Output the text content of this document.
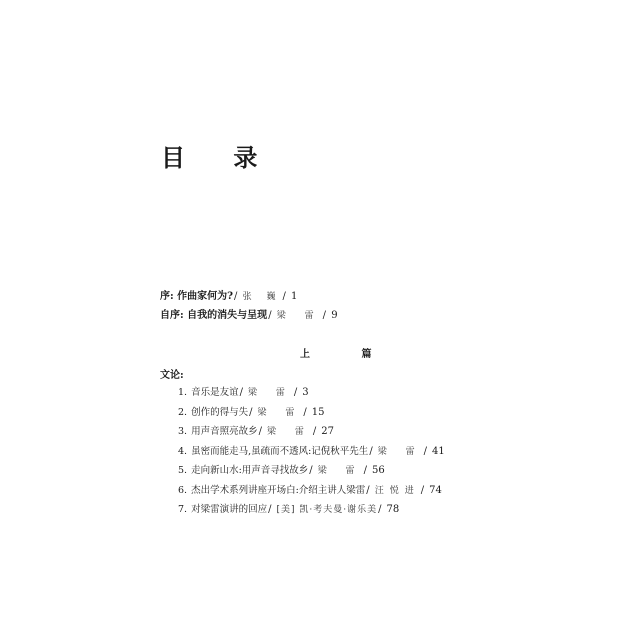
目 录
序: 作曲家何为?/ 张 巍/ 1
自序: 自我的消失与呈现/ 梁 雷/ 9
上 篇
文论:
1. 音乐是友谊/ 梁 雷/ 3
2. 创作的得与失/ 梁 雷/ 15
3. 用声音照亮故乡/ 梁 雷/ 27
4. 虽密而能走马,虽疏而不透风:记倪秋平先生/ 梁 雷/ 41
5. 走向新山水:用声音寻找故乡/ 梁 雷/ 56
6. 杰出学术系列讲座开场白:介绍主讲人梁雷/ 汪悦进/ 74
7. 对梁雷演讲的回应/ [美] 凯·考夫曼·谢乐美/ 78
